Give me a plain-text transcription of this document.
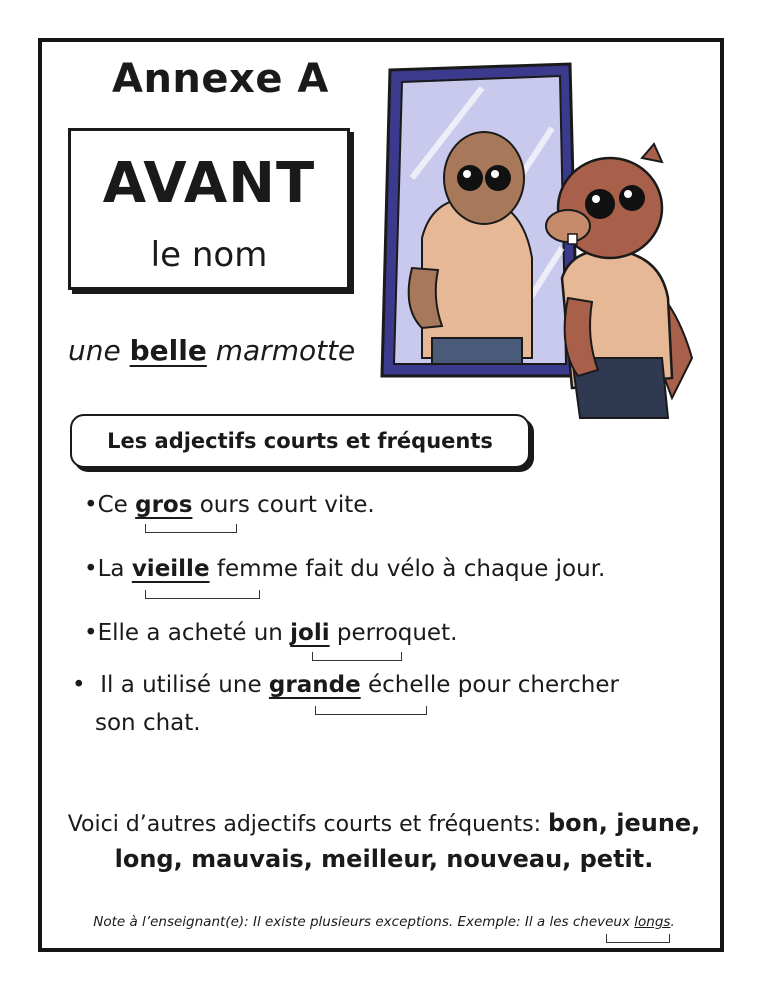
Annexe A
AVANT
le nom
une belle marmotte
Les adjectifs courts et fréquents
•Ce gros ours court vite.
•La vieille femme fait du vélo à chaque jour.
•Elle a acheté un joli perroquet.
• Il a utilisé une grande échelle pour chercher
son chat.
Voici d’autres adjectifs courts et fréquents: bon, jeune, long, mauvais, meilleur, nouveau, petit.
Note à l’enseignant(e): Il existe plusieurs exceptions. Exemple: Il a les cheveux longs.
